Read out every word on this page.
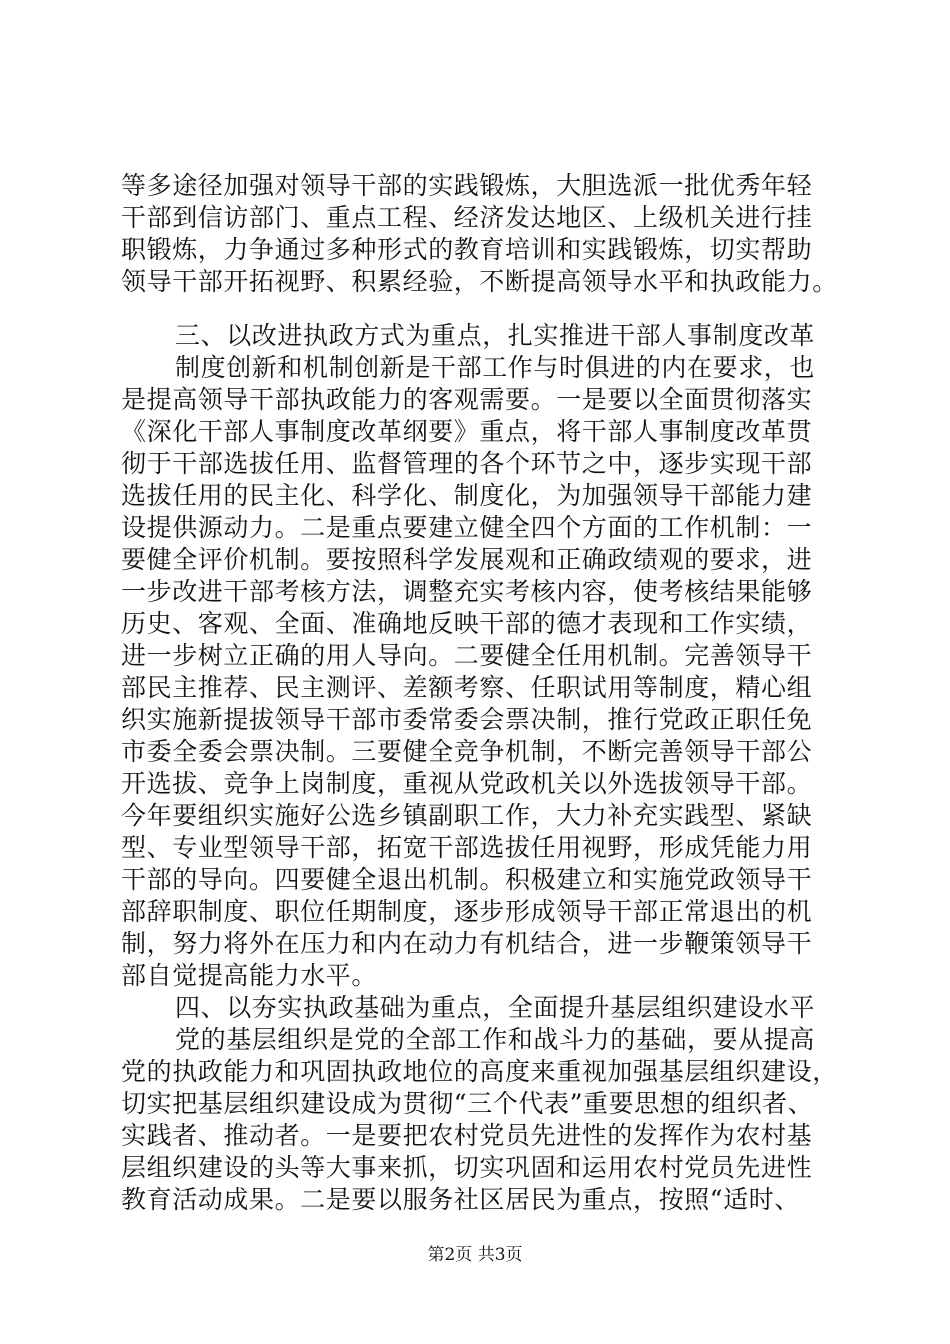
等多途径加强对领导干部的实践锻炼，大胆选派一批优秀年轻
干部到信访部门、重点工程、经济发达地区、上级机关进行挂
职锻炼，力争通过多种形式的教育培训和实践锻炼，切实帮助
领导干部开拓视野、积累经验，不断提高领导水平和执政能力。
三、以改进执政方式为重点，扎实推进干部人事制度改革
制度创新和机制创新是干部工作与时俱进的内在要求，也
是提高领导干部执政能力的客观需要。一是要以全面贯彻落实
《深化干部人事制度改革纲要》重点，将干部人事制度改革贯
彻于干部选拔任用、监督管理的各个环节之中，逐步实现干部
选拔任用的民主化、科学化、制度化，为加强领导干部能力建
设提供源动力。二是重点要建立健全四个方面的工作机制：一
要健全评价机制。要按照科学发展观和正确政绩观的要求，进
一步改进干部考核方法，调整充实考核内容，使考核结果能够
历史、客观、全面、准确地反映干部的德才表现和工作实绩，
进一步树立正确的用人导向。二要健全任用机制。完善领导干
部民主推荐、民主测评、差额考察、任职试用等制度，精心组
织实施新提拔领导干部市委常委会票决制，推行党政正职任免
市委全委会票决制。三要健全竞争机制，不断完善领导干部公
开选拔、竞争上岗制度，重视从党政机关以外选拔领导干部。
今年要组织实施好公选乡镇副职工作，大力补充实践型、紧缺
型、专业型领导干部，拓宽干部选拔任用视野，形成凭能力用
干部的导向。四要健全退出机制。积极建立和实施党政领导干
部辞职制度、职位任期制度，逐步形成领导干部正常退出的机
制，努力将外在压力和内在动力有机结合，进一步鞭策领导干
部自觉提高能力水平。
四、以夯实执政基础为重点，全面提升基层组织建设水平
党的基层组织是党的全部工作和战斗力的基础，要从提高
党的执政能力和巩固执政地位的高度来重视加强基层组织建设，
切实把基层组织建设成为贯彻“三个代表”重要思想的组织者、
实践者、推动者。一是要把农村党员先进性的发挥作为农村基
层组织建设的头等大事来抓，切实巩固和运用农村党员先进性
教育活动成果。二是要以服务社区居民为重点，按照“适时、
第2页 共3页
